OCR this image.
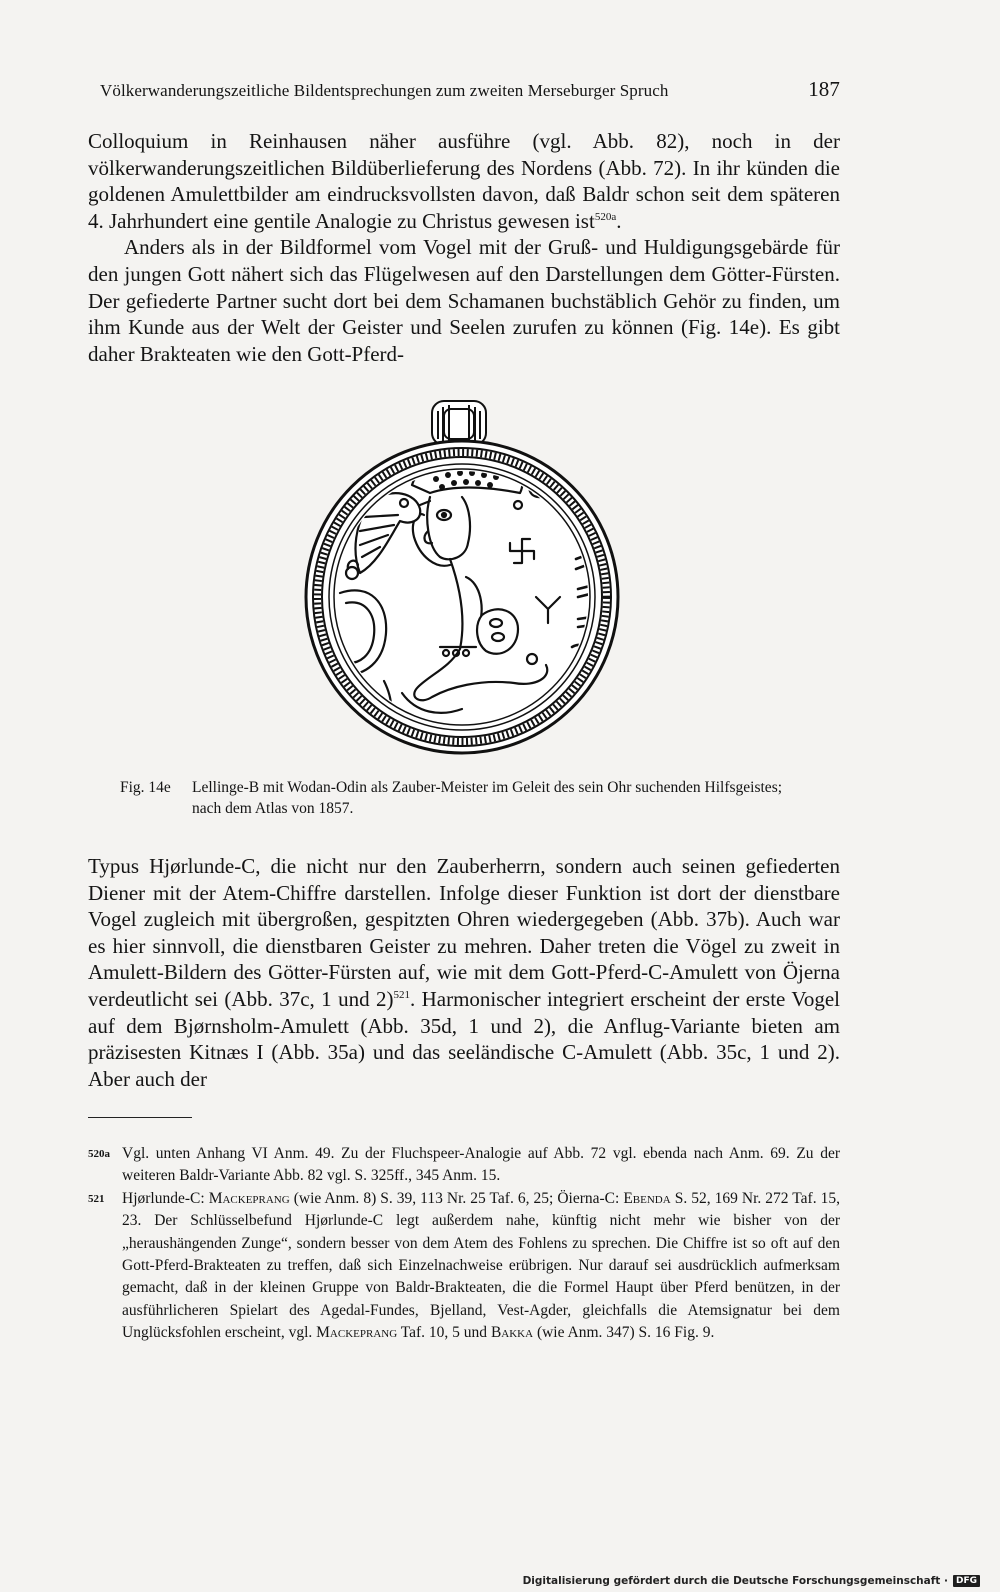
Völkerwanderungszeitliche Bildentsprechungen zum zweiten Merseburger Spruch	187

Colloquium in Reinhausen näher ausführe (vgl. Abb. 82), noch in der völkerwanderungszeitlichen Bildüberlieferung des Nordens (Abb. 72). In ihr künden die goldenen Amulettbilder am eindrucksvollsten davon, daß Baldr schon seit dem späteren 4. Jahrhundert eine gentile Analogie zu Christus gewesen ist$^{520a}$.

Anders als in der Bildformel vom Vogel mit der Gruß- und Huldigungsgebärde für den jungen Gott nähert sich das Flügelwesen auf den Darstellungen dem Götter-Fürsten. Der gefiederte Partner sucht dort bei dem Schamanen buchstäblich Gehör zu finden, um ihm Kunde aus der Welt der Geister und Seelen zurufen zu können (Fig. 14e). Es gibt daher Brakteaten wie den Gott-Pferd-

Fig. 14e Lellinge-B mit Wodan-Odin als Zauber-Meister im Geleit des sein Ohr suchenden Hilfsgeistes; nach dem Atlas von 1857.

Typus Hjørlunde-C, die nicht nur den Zauberherrn, sondern auch seinen gefiederten Diener mit der Atem-Chiffre darstellen. Infolge dieser Funktion ist dort der dienstbare Vogel zugleich mit übergroßen, gespitzten Ohren wiedergegeben (Abb. 37b). Auch war es hier sinnvoll, die dienstbaren Geister zu mehren. Daher treten die Vögel zu zweit in Amulett-Bildern des Götter-Fürsten auf, wie mit dem Gott-Pferd-C-Amulett von Öjerna verdeutlicht sei (Abb. 37c, 1 und 2)$^{521}$. Harmonischer integriert erscheint der erste Vogel auf dem Bjørnsholm-Amulett (Abb. 35d, 1 und 2), die Anflug-Variante bieten am präzisesten Kitnæs I (Abb. 35a) und das seeländische C-Amulett (Abb. 35c, 1 und 2). Aber auch der

520a Vgl. unten Anhang VI Anm. 49. Zu der Fluchspeer-Analogie auf Abb. 72 vgl. ebenda nach Anm. 69. Zu der weiteren Baldr-Variante Abb. 82 vgl. S. 325ff., 345 Anm. 15.
521 Hjørlunde-C: Mackeprang (wie Anm. 8) S. 39, 113 Nr. 25 Taf. 6, 25; Öierna-C: Ebenda S. 52, 169 Nr. 272 Taf. 15, 23. Der Schlüsselbefund Hjørlunde-C legt außerdem nahe, künftig nicht mehr wie bisher von der „heraushängenden Zunge“, sondern besser von dem Atem des Fohlens zu sprechen. Die Chiffre ist so oft auf den Gott-Pferd-Brakteaten zu treffen, daß sich Einzelnachweise erübrigen. Nur darauf sei ausdrücklich aufmerksam gemacht, daß in der kleinen Gruppe von Baldr-Brakteaten, die die Formel Haupt über Pferd benützen, in der ausführlicheren Spielart des Agedal-Fundes, Bjelland, Vest-Agder, gleichfalls die Atemsignatur bei dem Unglücksfohlen erscheint, vgl. Mackeprang Taf. 10, 5 und Bakka (wie Anm. 347) S. 16 Fig. 9.
Digitalisierung gefördert durch die Deutsche Forschungsgemeinschaft · DFG
